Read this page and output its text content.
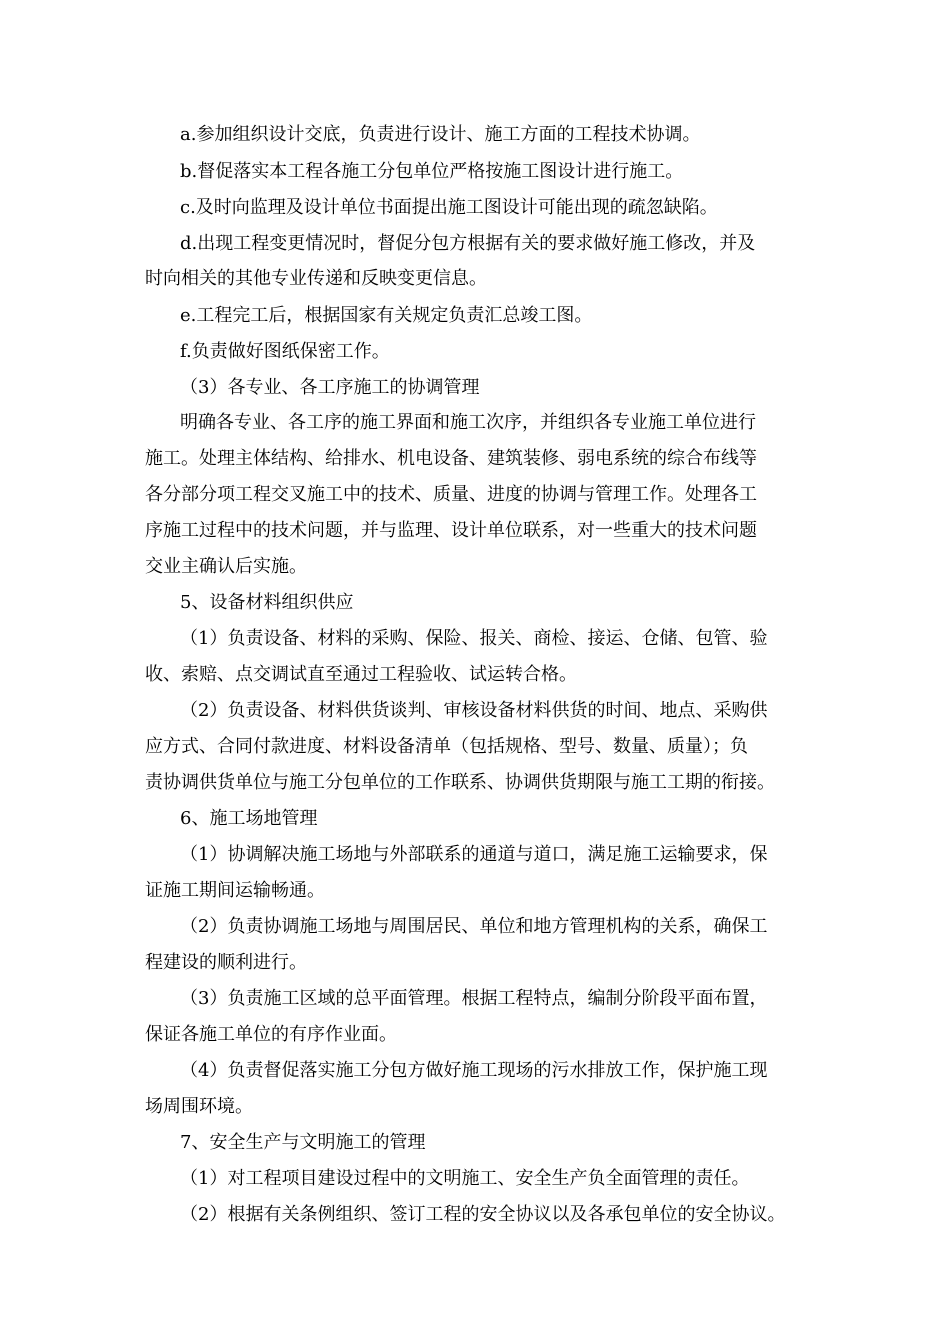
a.参加组织设计交底，负责进行设计、施工方面的工程技术协调。
b.督促落实本工程各施工分包单位严格按施工图设计进行施工。
c.及时向监理及设计单位书面提出施工图设计可能出现的疏忽缺陷。
d.出现工程变更情况时，督促分包方根据有关的要求做好施工修改，并及
时向相关的其他专业传递和反映变更信息。
e.工程完工后，根据国家有关规定负责汇总竣工图。
f.负责做好图纸保密工作。
（3）各专业、各工序施工的协调管理
明确各专业、各工序的施工界面和施工次序，并组织各专业施工单位进行
施工。处理主体结构、给排水、机电设备、建筑装修、弱电系统的综合布线等
各分部分项工程交叉施工中的技术、质量、进度的协调与管理工作。处理各工
序施工过程中的技术问题，并与监理、设计单位联系，对一些重大的技术问题
交业主确认后实施。
5、设备材料组织供应
（1）负责设备、材料的采购、保险、报关、商检、接运、仓储、包管、验
收、索赔、点交调试直至通过工程验收、试运转合格。
（2）负责设备、材料供货谈判、审核设备材料供货的时间、地点、采购供
应方式、合同付款进度、材料设备清单（包括规格、型号、数量、质量）；负
责协调供货单位与施工分包单位的工作联系、协调供货期限与施工工期的衔接。
6、施工场地管理
（1）协调解决施工场地与外部联系的通道与道口，满足施工运输要求，保
证施工期间运输畅通。
（2）负责协调施工场地与周围居民、单位和地方管理机构的关系，确保工
程建设的顺利进行。
（3）负责施工区域的总平面管理。根据工程特点，编制分阶段平面布置，
保证各施工单位的有序作业面。
（4）负责督促落实施工分包方做好施工现场的污水排放工作，保护施工现
场周围环境。
7、安全生产与文明施工的管理
（1）对工程项目建设过程中的文明施工、安全生产负全面管理的责任。
（2）根据有关条例组织、签订工程的安全协议以及各承包单位的安全协议。
